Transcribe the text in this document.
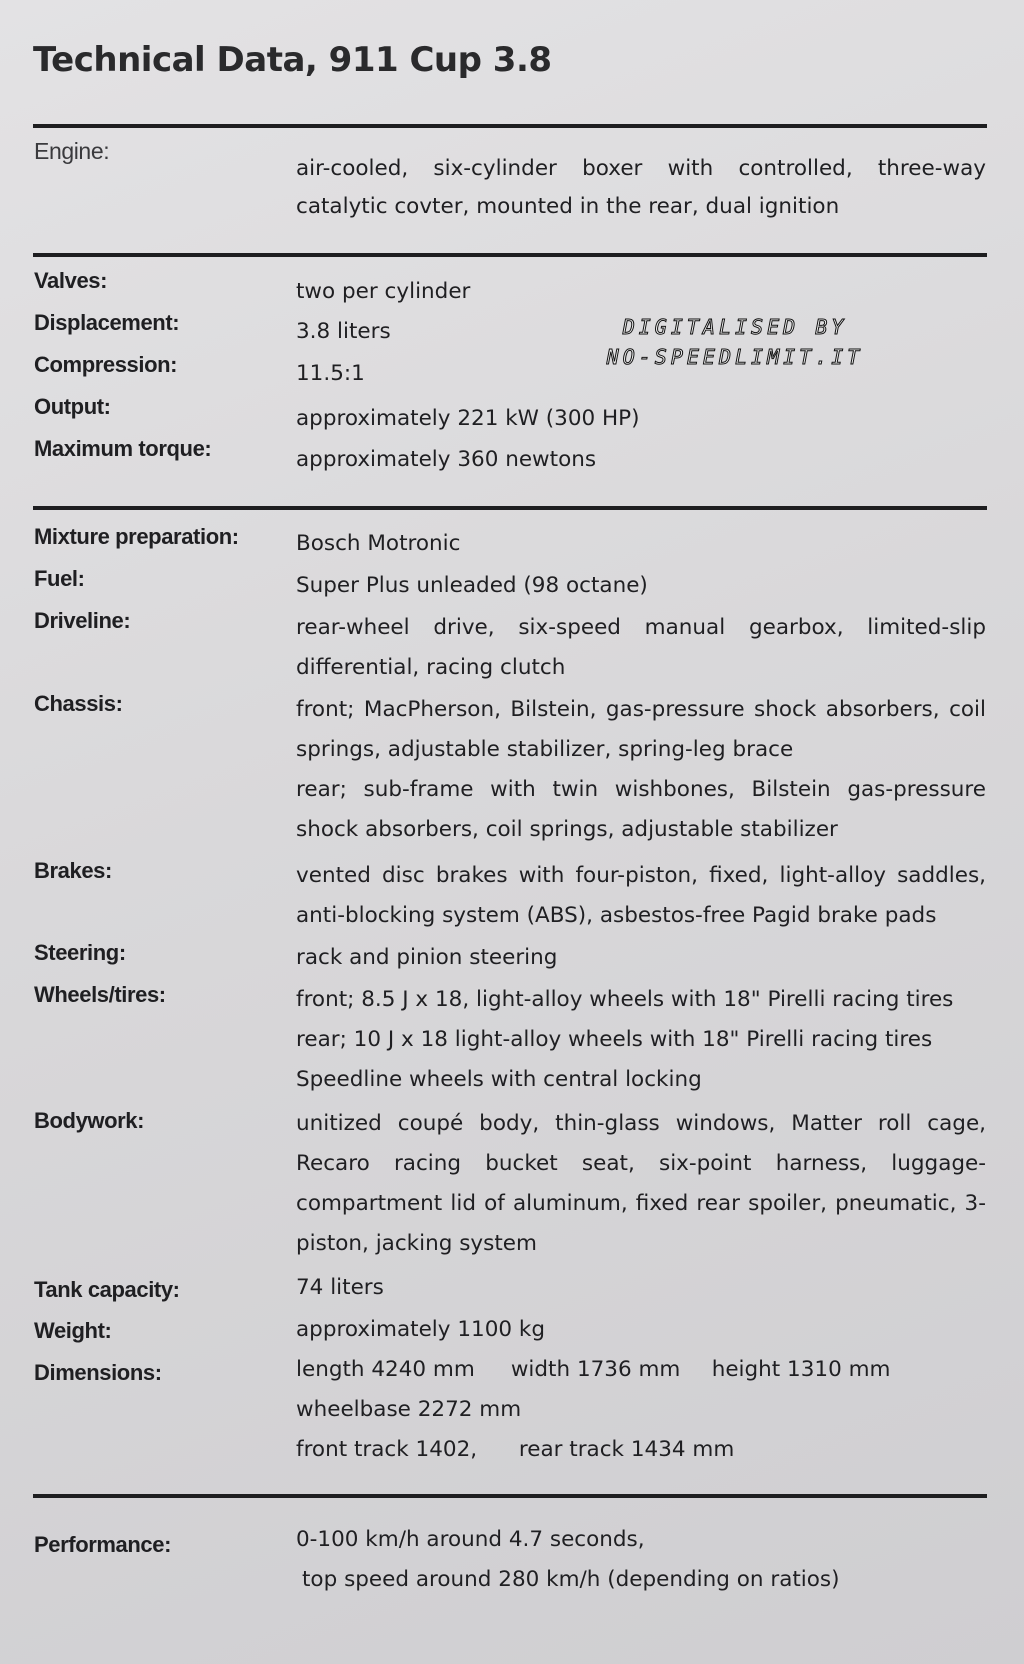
Technical Data, 911 Cup 3.8
Engine:

air-cooled, six-cylinder boxer with controlled, three-way catalytic covter, mounted in the rear, dual ignition

Valves:	two per cylinder
Displacement:	3.8 liters
Compression:	11.5:1
Output:	approximately 221 kW (300 HP)
Maximum torque:	approximately 360 newtons
DIGITALISED BY
NO-SPEEDLIMIT.IT
Mixture preparation:	Bosch Motronic
Fuel:	Super Plus unleaded (98 octane)
Driveline:	rear-wheel drive, six-speed manual gearbox, limited-slip differential, racing clutch

Chassis:	front; MacPherson, Bilstein, gas-pressure shock absorbers, coil springs, adjustable stabilizer, spring-leg brace

rear; sub-frame with twin wishbones, Bilstein gas-pressure shock absorbers, coil springs, adjustable stabilizer

Brakes:	vented disc brakes with four-piston, fixed, light-alloy saddles, anti-blocking system (ABS), asbestos-free Pagid brake pads

Steering:	rack and pinion steering
Wheels/tires:	front; 8.5 J x 18, light-alloy wheels with 18" Pirelli racing tires

rear; 10 J x 18 light-alloy wheels with 18" Pirelli racing tires

Speedline wheels with central locking

Bodywork:	unitized coupé body, thin-glass windows, Matter roll cage, Recaro racing bucket seat, six-point harness, luggage-compartment lid of aluminum, fixed rear spoiler, pneumatic, 3-piston, jacking system

Tank capacity:	74 liters
Weight:	approximately 1100 kg
Dimensions:	length 4240 mm width 1736 mm height 1310 mm
wheelbase 2272 mm
front track 1402, rear track 1434 mm
Performance:	0-100 km/h around 4.7 seconds,
top speed around 280 km/h (depending on ratios)
